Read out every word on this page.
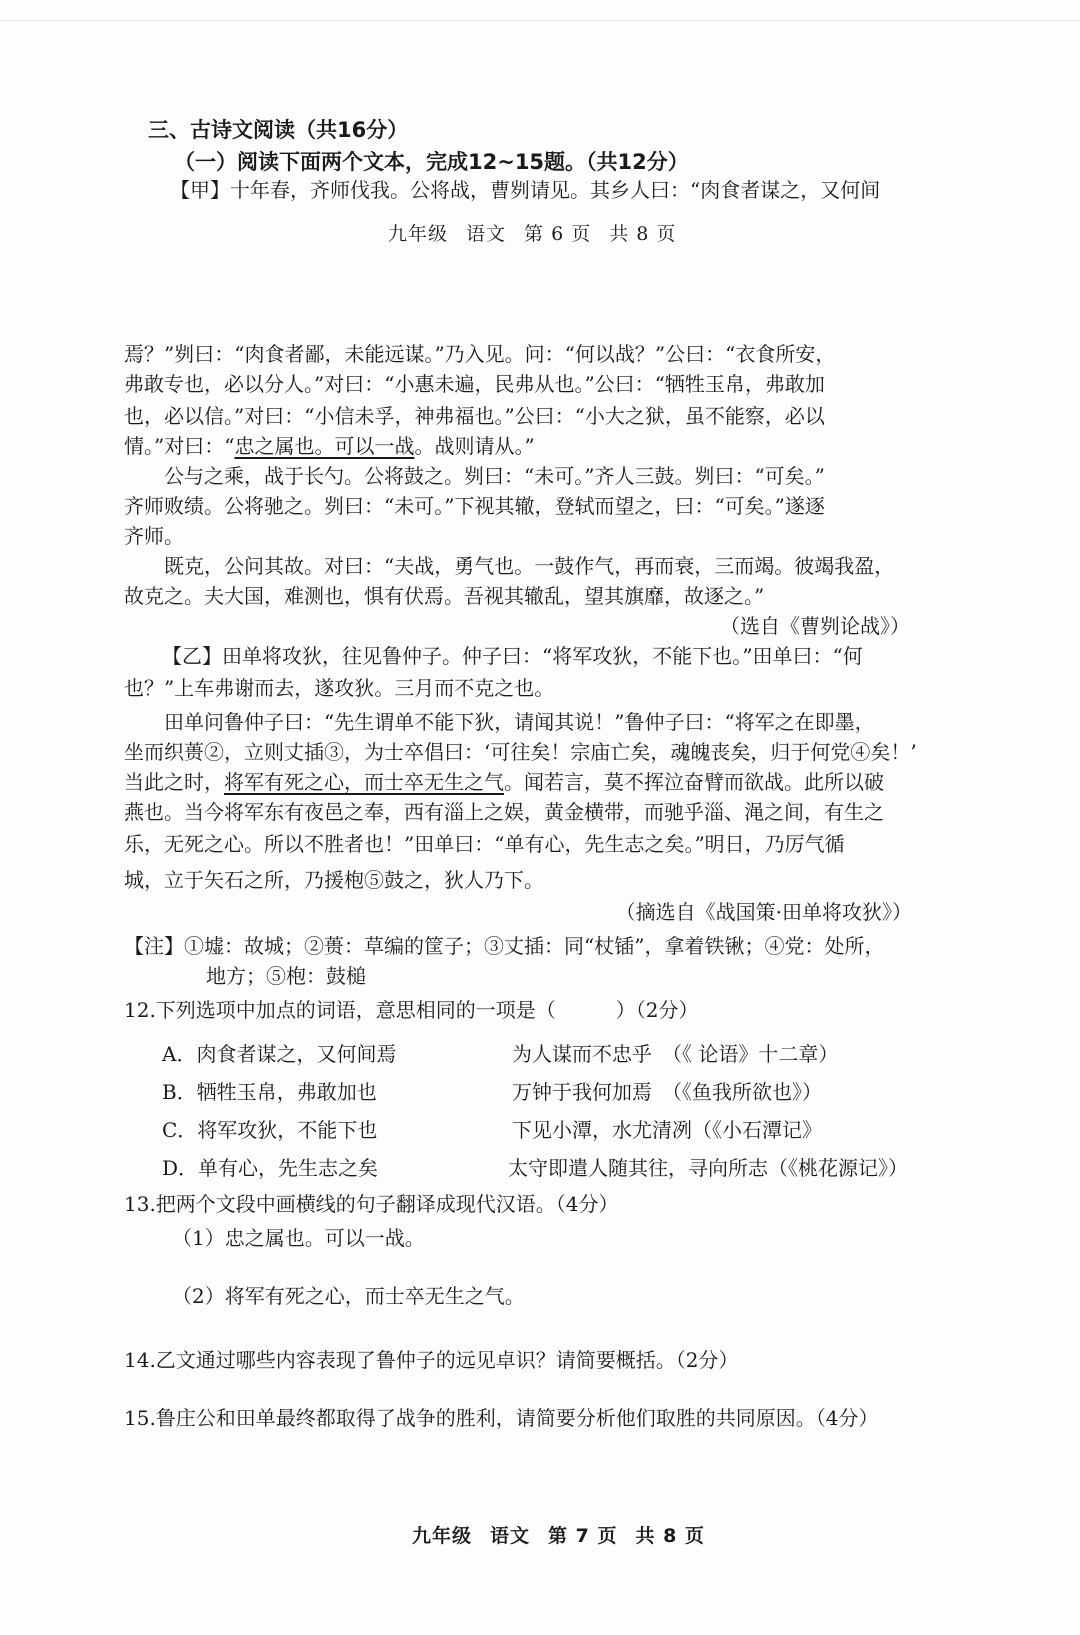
三、古诗文阅读（共16分）
（一）阅读下面两个文本，完成12~15题。（共12分）
【甲】十年春，齐师伐我。公将战，曹刿请见。其乡人曰：“肉食者谋之，又何间
九年级 语文 第 6 页 共 8 页
焉？”刿曰：“肉食者鄙，未能远谋。”乃入见。问：“何以战？”公曰：“衣食所安，
弗敢专也，必以分人。”对曰：“小惠未遍，民弗从也。”公曰：“牺牲玉帛，弗敢加
也，必以信。”对曰：“小信未孚，神弗福也。”公曰：“小大之狱，虽不能察，必以
情。”对曰：“忠之属也。可以一战。战则请从。”
公与之乘，战于长勺。公将鼓之。刿曰：“未可。”齐人三鼓。刿曰：“可矣。”
齐师败绩。公将驰之。刿曰：“未可。”下视其辙，登轼而望之，曰：“可矣。”遂逐
齐师。
既克，公问其故。对曰：“夫战，勇气也。一鼓作气，再而衰，三而竭。彼竭我盈，
故克之。夫大国，难测也，惧有伏焉。吾视其辙乱，望其旗靡，故逐之。”
（选自《曹刿论战》）
【乙】田单将攻狄，往见鲁仲子。仲子曰：“将军攻狄，不能下也。”田单曰：“何
也？”上车弗谢而去，遂攻狄。三月而不克之也。
田单问鲁仲子曰：“先生谓单不能下狄，请闻其说！”鲁仲子曰：“将军之在即墨，
坐而织蒉②，立则丈插③，为士卒倡曰：‘可往矣！宗庙亡矣，魂魄丧矣，归于何党④矣！’
当此之时，将军有死之心，而士卒无生之气。闻若言，莫不挥泣奋臂而欲战。此所以破
燕也。当今将军东有夜邑之奉，西有淄上之娱，黄金横带，而驰乎淄、渑之间，有生之
乐，无死之心。所以不胜者也！”田单曰：“单有心，先生志之矣。”明日，乃厉气循
城，立于矢石之所，乃援枹⑤鼓之，狄人乃下。
（摘选自《战国策·田单将攻狄》）
【注】①墟：故城；②蒉：草编的筐子；③丈插：同“杖锸”，拿着铁锹；④党：处所，
地方；⑤枹：鼓槌
12.下列选项中加点的词语，意思相同的一项是（　　　）（2分）
A．肉食者谋之，又何间焉	为人谋而不忠乎　（《 论语》十二章）
B．牺牲玉帛，弗敢加也	万钟于我何加焉　（《鱼我所欲也》）
C．将军攻狄，不能下也	下见小潭，水尤清冽（《小石潭记》
D．单有心，先生志之矣	太守即遣人随其往，寻向所志（《桃花源记》）
13.把两个文段中画横线的句子翻译成现代汉语。（4分）
（1）忠之属也。可以一战。
（2）将军有死之心，而士卒无生之气。
14.乙文通过哪些内容表现了鲁仲子的远见卓识？请简要概括。（2分）
15.鲁庄公和田单最终都取得了战争的胜利，请简要分析他们取胜的共同原因。（4分）
九年级 语文 第 7 页 共 8 页
